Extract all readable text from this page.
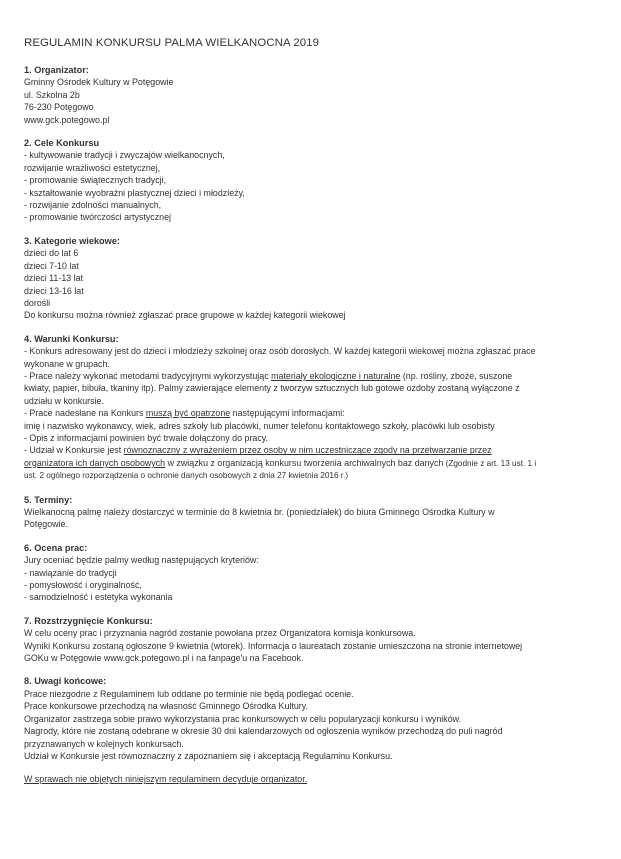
REGULAMIN KONKURSU PALMA WIELKANOCNA 2019

1. Organizator:

Gminny Ośrodek Kultury w Potęgowie

ul. Szkolna 2b

76-230 Potęgowo

www.gck.potegowo.pl

2. Cele Konkursu

- kultywowanie tradycji i zwyczajów wielkanocnych,

rozwijanie wrażliwości estetycznej,

- promowanie świątecznych tradycji,

- kształtowanie wyobraźni plastycznej dzieci i młodzieży,

- rozwijanie zdolności manualnych,

- promowanie twórczości artystycznej

3. Kategorie wiekowe:

dzieci do lat 6

dzieci 7-10 lat

dzieci 11-13 lat

dzieci 13-16 lat

dorośli

Do konkursu można również zgłaszać prace grupowe w każdej kategorii wiekowej

4. Warunki Konkursu:

- Konkurs adresowany jest do dzieci i młodzieży szkolnej oraz osób dorosłych. W każdej kategorii wiekowej można zgłaszać prace

wykonane w grupach.

- Prace należy wykonać metodami tradycyjnymi wykorzystując materiały ekologiczne i naturalne (np. rośliny, zboże, suszone

kwiaty, papier, bibuła, tkaniny itp). Palmy zawierające elementy z tworzyw sztucznych lub gotowe ozdoby zostaną wyłączone z

udziału w konkursie.

- Prace nadesłane na Konkurs muszą być opatrzone następującymi informacjami:

imię i nazwisko wykonawcy, wiek, adres szkoły lub placówki, numer telefonu kontaktowego szkoły, placówki lub osobisty

- Opis z informacjami powinien być trwale dołączony do pracy.

- Udział w Konkursie jest równoznaczny z wyrażeniem przez osoby w nim uczestniczące zgody na przetwarzanie przez

organizatora ich danych osobowych w związku z organizacją konkursu tworzenia archiwalnych baz danych (Zgodnie z art. 13 ust. 1 i

ust. 2 ogólnego rozporządzenia o ochronie danych osobowych z dnia 27 kwietnia 2016 r.)

5. Terminy:

Wielkanocną palmę należy dostarczyć w terminie do 8 kwietnia br. (poniedziałek) do biura Gminnego Ośrodka Kultury w

Potęgowie.

6. Ocena prac:

Jury oceniać będzie palmy według następujących kryteriów:

- nawiązanie do tradycji

- pomysłowość i oryginalność,

- samodzielność i estetyka wykonania

7. Rozstrzygnięcie Konkursu:

W celu oceny prac i przyznania nagród zostanie powołana przez Organizatora komisja konkursowa.

Wyniki Konkursu zostaną ogłoszone 9 kwietnia (wtorek). Informacja o laureatach zostanie umieszczona na stronie internetowej

GOKu w Potęgowie www.gck.potegowo.pl i na fanpage'u na Facebook.

8. Uwagi końcowe:

Prace niezgodne z Regulaminem lub oddane po terminie nie będą podlegać ocenie.

Prace konkursowe przechodzą na własność Gminnego Ośrodka Kultury.

Organizator zastrzega sobie prawo wykorzystania prac konkursowych w celu popularyzacji konkursu i wyników.

Nagrody, które nie zostaną odebrane w okresie 30 dni kalendarzowych od ogłoszenia wyników przechodzą do puli nagród

przyznawanych w kolejnych konkursach.

Udział w Konkursie jest równoznaczny z zapoznaniem się i akceptacją Regulaminu Konkursu.

W sprawach nie objętych niniejszym regulaminem decyduje organizator.
